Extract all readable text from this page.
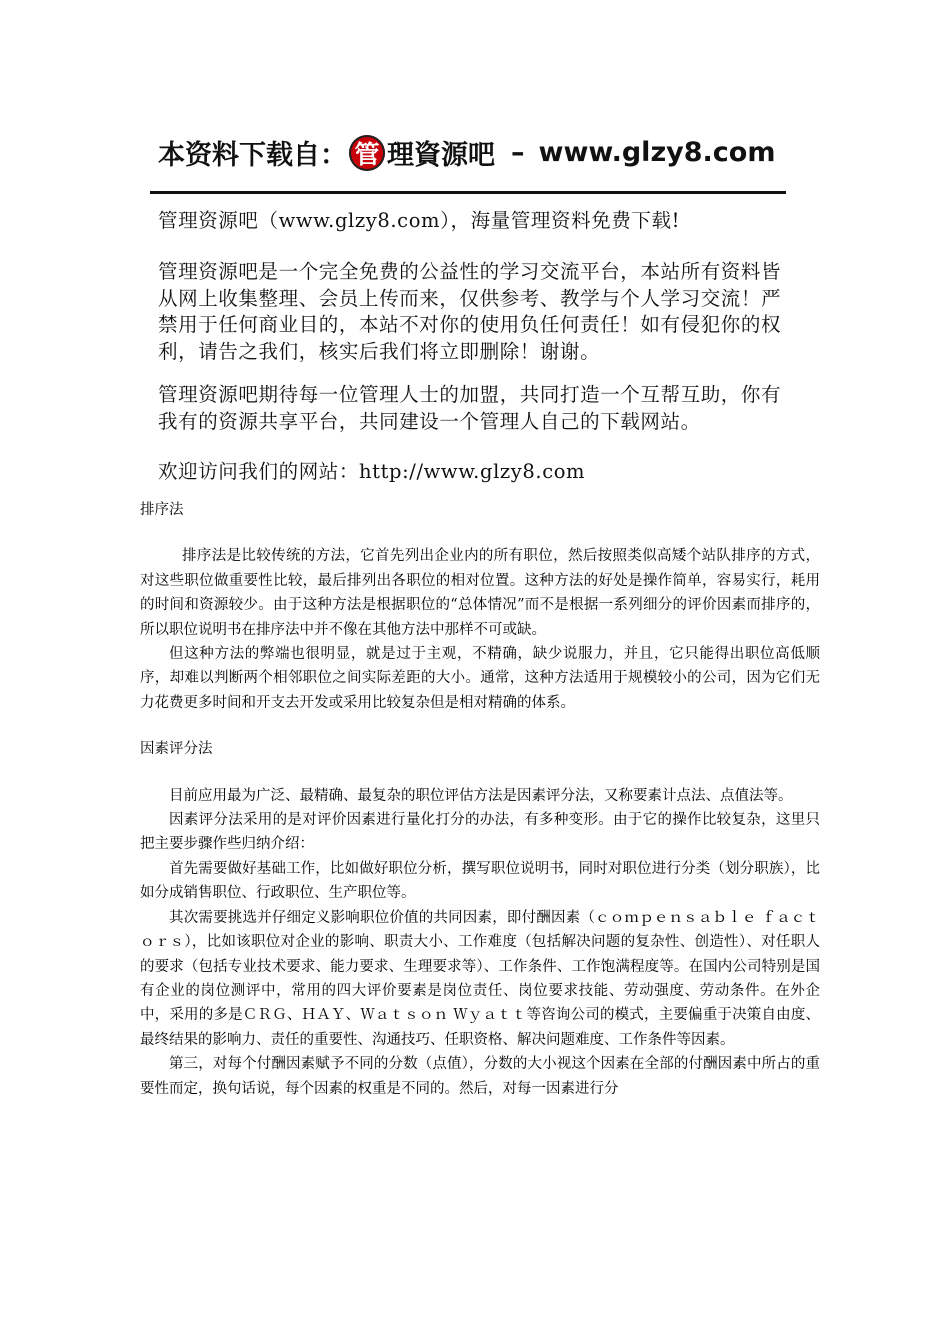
本资料下载自： 管 理資源吧 – www.glzy8.com
管理资源吧（www.glzy8.com），海量管理资料免费下载!
管理资源吧是一个完全免费的公益性的学习交流平台，本站所有资料皆从网上收集整理、会员上传而来，仅供参考、教学与个人学习交流！严禁用于任何商业目的，本站不对你的使用负任何责任！如有侵犯你的权利，请告之我们，核实后我们将立即删除！谢谢。
管理资源吧期待每一位管理人士的加盟，共同打造一个互帮互助，你有我有的资源共享平台，共同建设一个管理人自己的下载网站。
欢迎访问我们的网站：http://www.glzy8.com

排序法

排序法是比较传统的方法，它首先列出企业内的所有职位，然后按照类似高矮个站队排序的方式，对这些职位做重要性比较，最后排列出各职位的相对位置。这种方法的好处是操作简单，容易实行，耗用的时间和资源较少。由于这种方法是根据职位的“总体情况”而不是根据一系列细分的评价因素而排序的，所以职位说明书在排序法中并不像在其他方法中那样不可或缺。

但这种方法的弊端也很明显，就是过于主观，不精确，缺少说服力，并且，它只能得出职位高低顺序，却难以判断两个相邻职位之间实际差距的大小。通常，这种方法适用于规模较小的公司，因为它们无力花费更多时间和开支去开发或采用比较复杂但是相对精确的体系。

因素评分法

目前应用最为广泛、最精确、最复杂的职位评估方法是因素评分法，又称要素计点法、点值法等。

因素评分法采用的是对评价因素进行量化打分的办法，有多种变形。由于它的操作比较复杂，这里只把主要步骤作些归纳介绍：

首先需要做好基础工作，比如做好职位分析，撰写职位说明书，同时对职位进行分类（划分职族），比如分成销售职位、行政职位、生产职位等。

其次需要挑选并仔细定义影响职位价值的共同因素，即付酬因素（ｃｏｍｐｅｎｓａｂｌｅ ｆａｃｔｏｒｓ），比如该职位对企业的影响、职责大小、工作难度（包括解决问题的复杂性、创造性）、对任职人的要求（包括专业技术要求、能力要求、生理要求等）、工作条件、工作饱满程度等。在国内公司特别是国有企业的岗位测评中，常用的四大评价要素是岗位责任、岗位要求技能、劳动强度、劳动条件。在外企中，采用的多是ＣＲＧ、ＨＡＹ、Ｗａｔｓｏｎ Ｗｙａｔｔ等咨询公司的模式，主要偏重于决策自由度、最终结果的影响力、责任的重要性、沟通技巧、任职资格、解决问题难度、工作条件等因素。

第三，对每个付酬因素赋予不同的分数（点值），分数的大小视这个因素在全部的付酬因素中所占的重要性而定，换句话说，每个因素的权重是不同的。然后，对每一因素进行分
